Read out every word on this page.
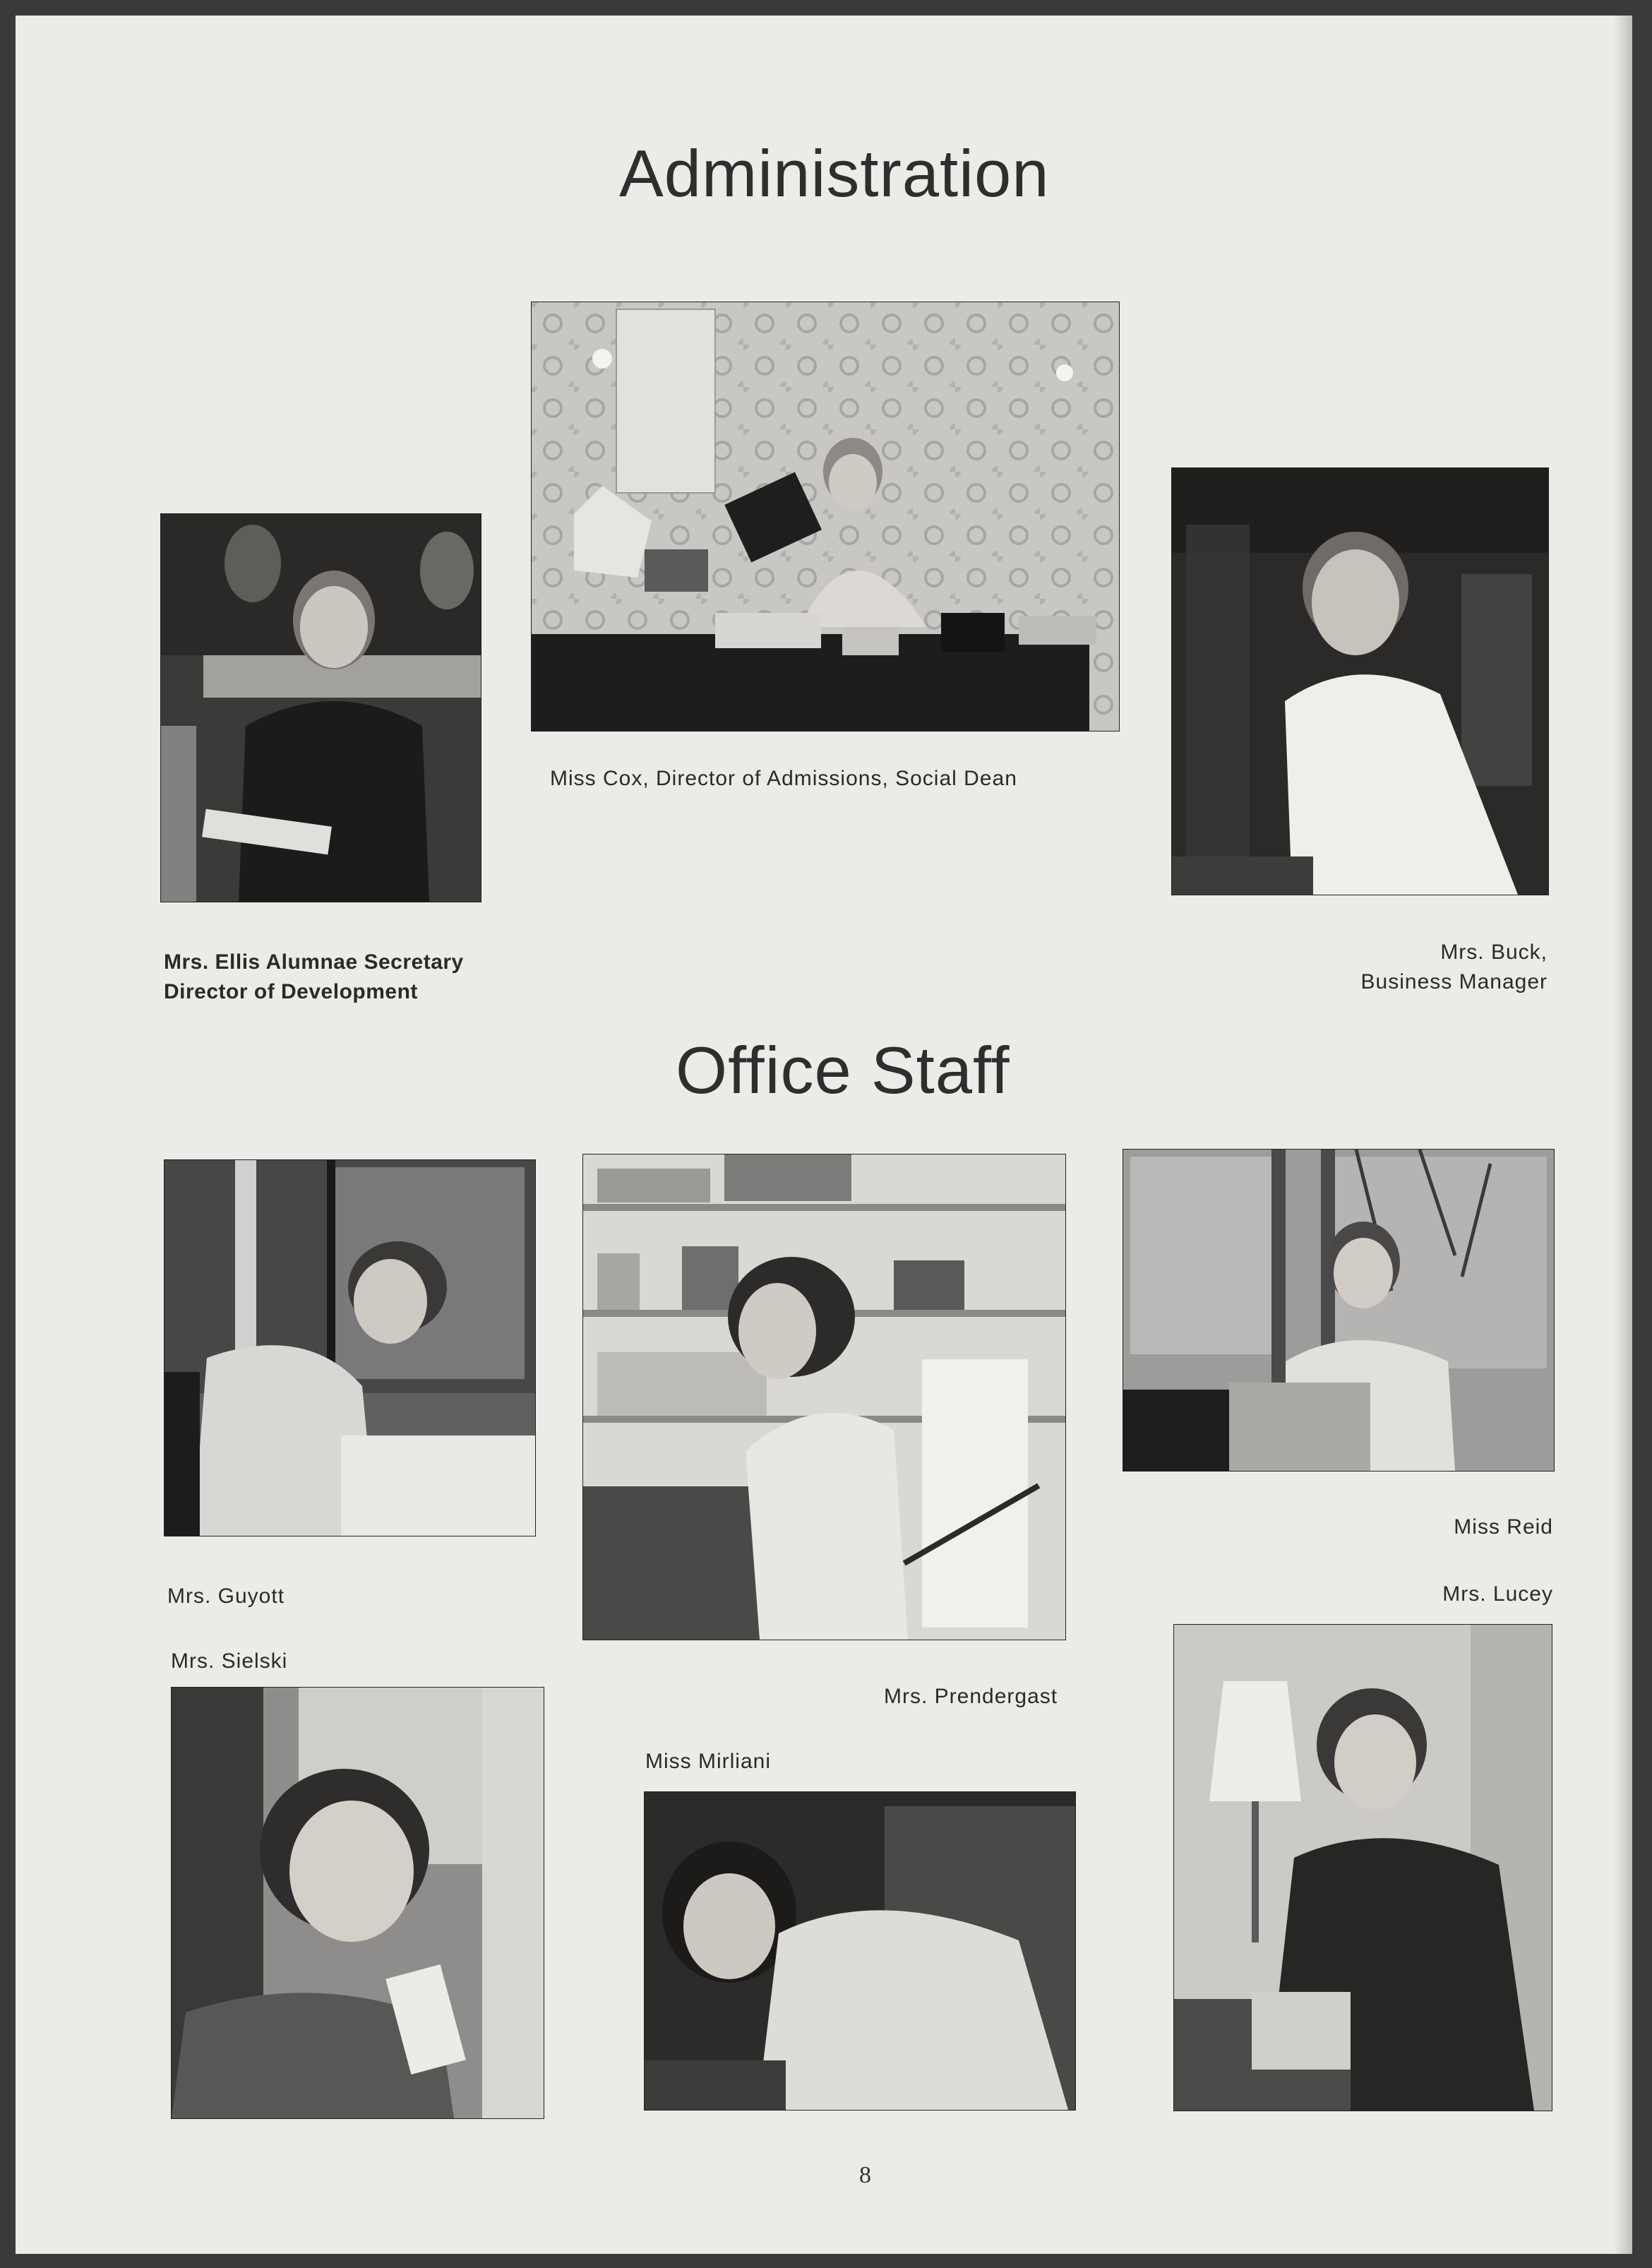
Administration

Miss Cox, Director of Admissions, Social Dean

Mrs. Ellis Alumnae Secretary

Director of Development

Mrs. Buck,

Business Manager

Office Staff

Mrs. Guyott

Mrs. Prendergast

Miss Reid

Mrs. Sielski

Miss Mirliani

Mrs. Lucey

8
